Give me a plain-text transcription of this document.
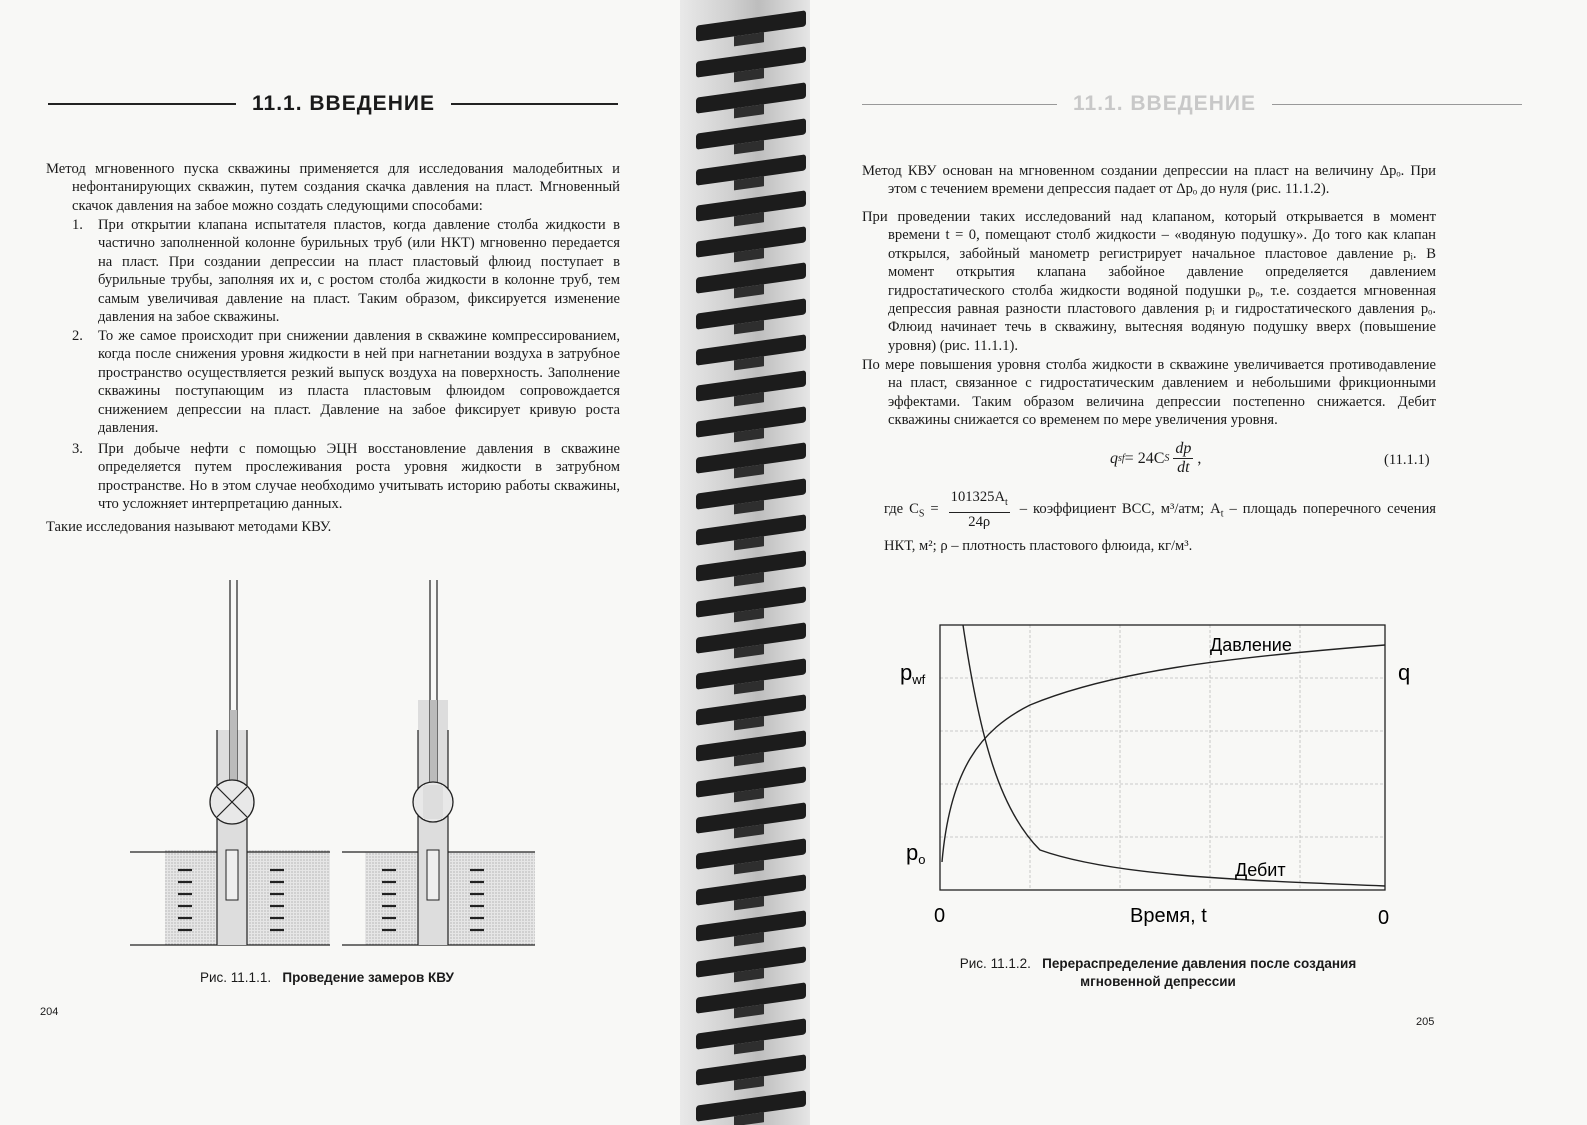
11.1. ВВЕДЕНИЕ
Метод мгновенного пуска скважины применяется для исследования малодебитных и нефонтанирующих скважин, путем создания скачка давления на пласт. Мгновенный скачок давления на забое можно создать следующими способами:
1. При открытии клапана испытателя пластов, когда давление столба жидкости в частично заполненной колонне бурильных труб (или НКТ) мгновенно передается на пласт. При создании депрессии на пласт пластовый флюид поступает в бурильные трубы, заполняя их и, с ростом столба жидкости в колонне труб, тем самым увеличивая давление на пласт. Таким образом, фиксируется изменение давления на забое скважины.
2. То же самое происходит при снижении давления в скважине компрессированием, когда после снижения уровня жидкости в ней при нагнетании воздуха в затрубное пространство осуществляется резкий выпуск воздуха на поверхность. Заполнение скважины поступающим из пласта пластовым флюидом сопровождается снижением депрессии на пласт. Давление на забое фиксирует кривую роста давления.
3. При добыче нефти с помощью ЭЦН восстановление давления в скважине определяется путем прослеживания роста уровня жидкости в затрубном пространстве. Но в этом случае необходимо учитывать историю работы скважины, что усложняет интерпретацию данных.
Такие исследования называют методами КВУ.
Рис. 11.1.1. Проведение замеров КВУ
204
11.1. ВВЕДЕНИЕ
Метод КВУ основан на мгновенном создании депрессии на пласт на величину Δpₒ. При этом с течением времени депрессия падает от Δpₒ до нуля (рис. 11.1.2).
При проведении таких исследований над клапаном, который открывается в момент времени t = 0, помещают столб жидкости – «водяную подушку». До того как клапан открылся, забойный манометр регистрирует начальное пластовое давление pᵢ. В момент открытия клапана забойное давление определяется давлением гидростатического столба жидкости водяной подушки pₒ, т.е. создается мгновенная депрессия равная разности пластового давления pᵢ и гидростатического давления pₒ. Флюид начинает течь в скважину, вытесняя водяную подушку вверх (повышение уровня) (рис. 11.1.1).
По мере повышения уровня столба жидкости в скважине увеличивается противодавление на пласт, связанное с гидростатическим давлением и небольшими фрикционными эффектами. Таким образом величина депрессии постепенно снижается. Дебит скважины снижается со временем по мере увеличения уровня.
q sf = 24C S
dp
dt
,	(11.1.1)
где $C_S = \frac{101325A_t}{24\rho}$ – коэффициент ВСС, м³/атм; $A_t$ – площадь поперечного сечения НКТ, м²; ρ – плотность пластового флюида, кг/м³.
pwf
po
q
Давление
Дебит
Время, t
0	0
Рис. 11.1.2. Перераспределение давления после создания
мгновенной депрессии
205
